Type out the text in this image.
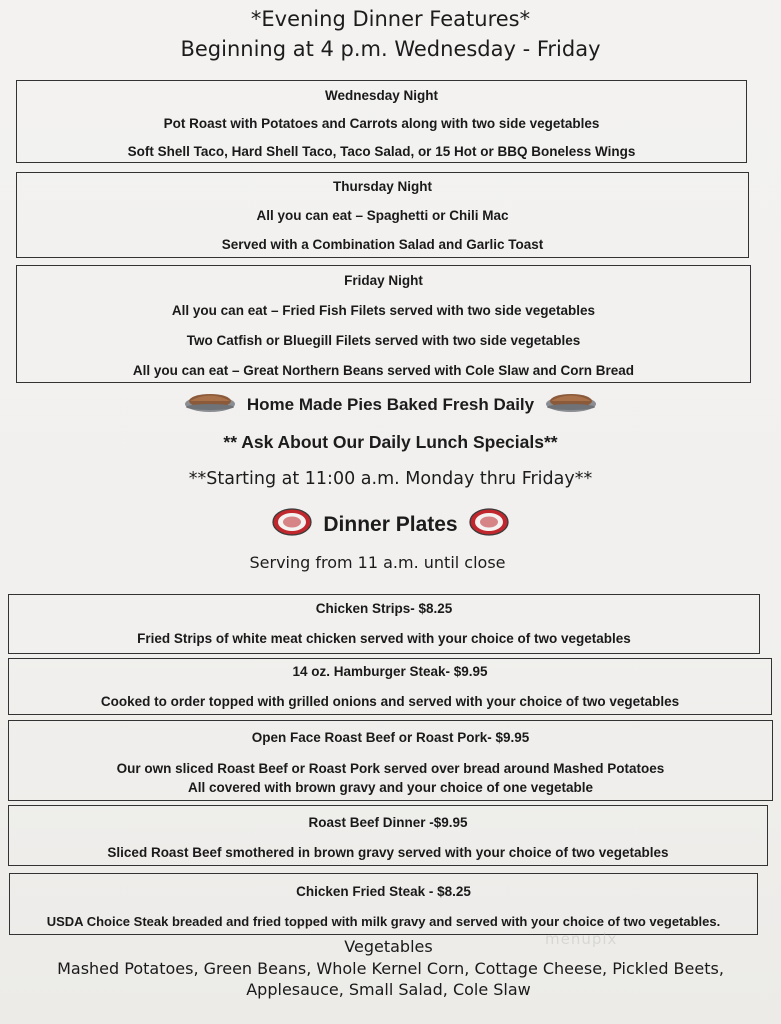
*Evening Dinner Features*
Beginning at 4 p.m. Wednesday - Friday
Wednesday Night
Pot Roast with Potatoes and Carrots along with two side vegetables
Soft Shell Taco, Hard Shell Taco, Taco Salad, or 15 Hot or BBQ Boneless Wings
Thursday Night
All you can eat – Spaghetti or Chili Mac
Served with a Combination Salad and Garlic Toast
Friday Night
All you can eat – Fried Fish Filets served with two side vegetables
Two Catfish or Bluegill Filets served with two side vegetables
All you can eat – Great Northern Beans served with Cole Slaw and Corn Bread
Home Made Pies Baked Fresh Daily
** Ask About Our Daily Lunch Specials**
**Starting at 11:00 a.m. Monday thru Friday**
Dinner Plates
Serving from 11 a.m. until close
Chicken Strips- $8.25
Fried Strips of white meat chicken served with your choice of two vegetables
14 oz. Hamburger Steak- $9.95
Cooked to order topped with grilled onions and served with your choice of two vegetables
Open Face Roast Beef or Roast Pork- $9.95
Our own sliced Roast Beef or Roast Pork served over bread around Mashed Potatoes
All covered with brown gravy and your choice of one vegetable
Roast Beef Dinner -$9.95
Sliced Roast Beef smothered in brown gravy served with your choice of two vegetables
Chicken Fried Steak - $8.25
USDA Choice Steak breaded and fried topped with milk gravy and served with your choice of two vegetables.
Vegetables
Mashed Potatoes, Green Beans, Whole Kernel Corn, Cottage Cheese, Pickled Beets,
Applesauce, Small Salad, Cole Slaw
menupix
